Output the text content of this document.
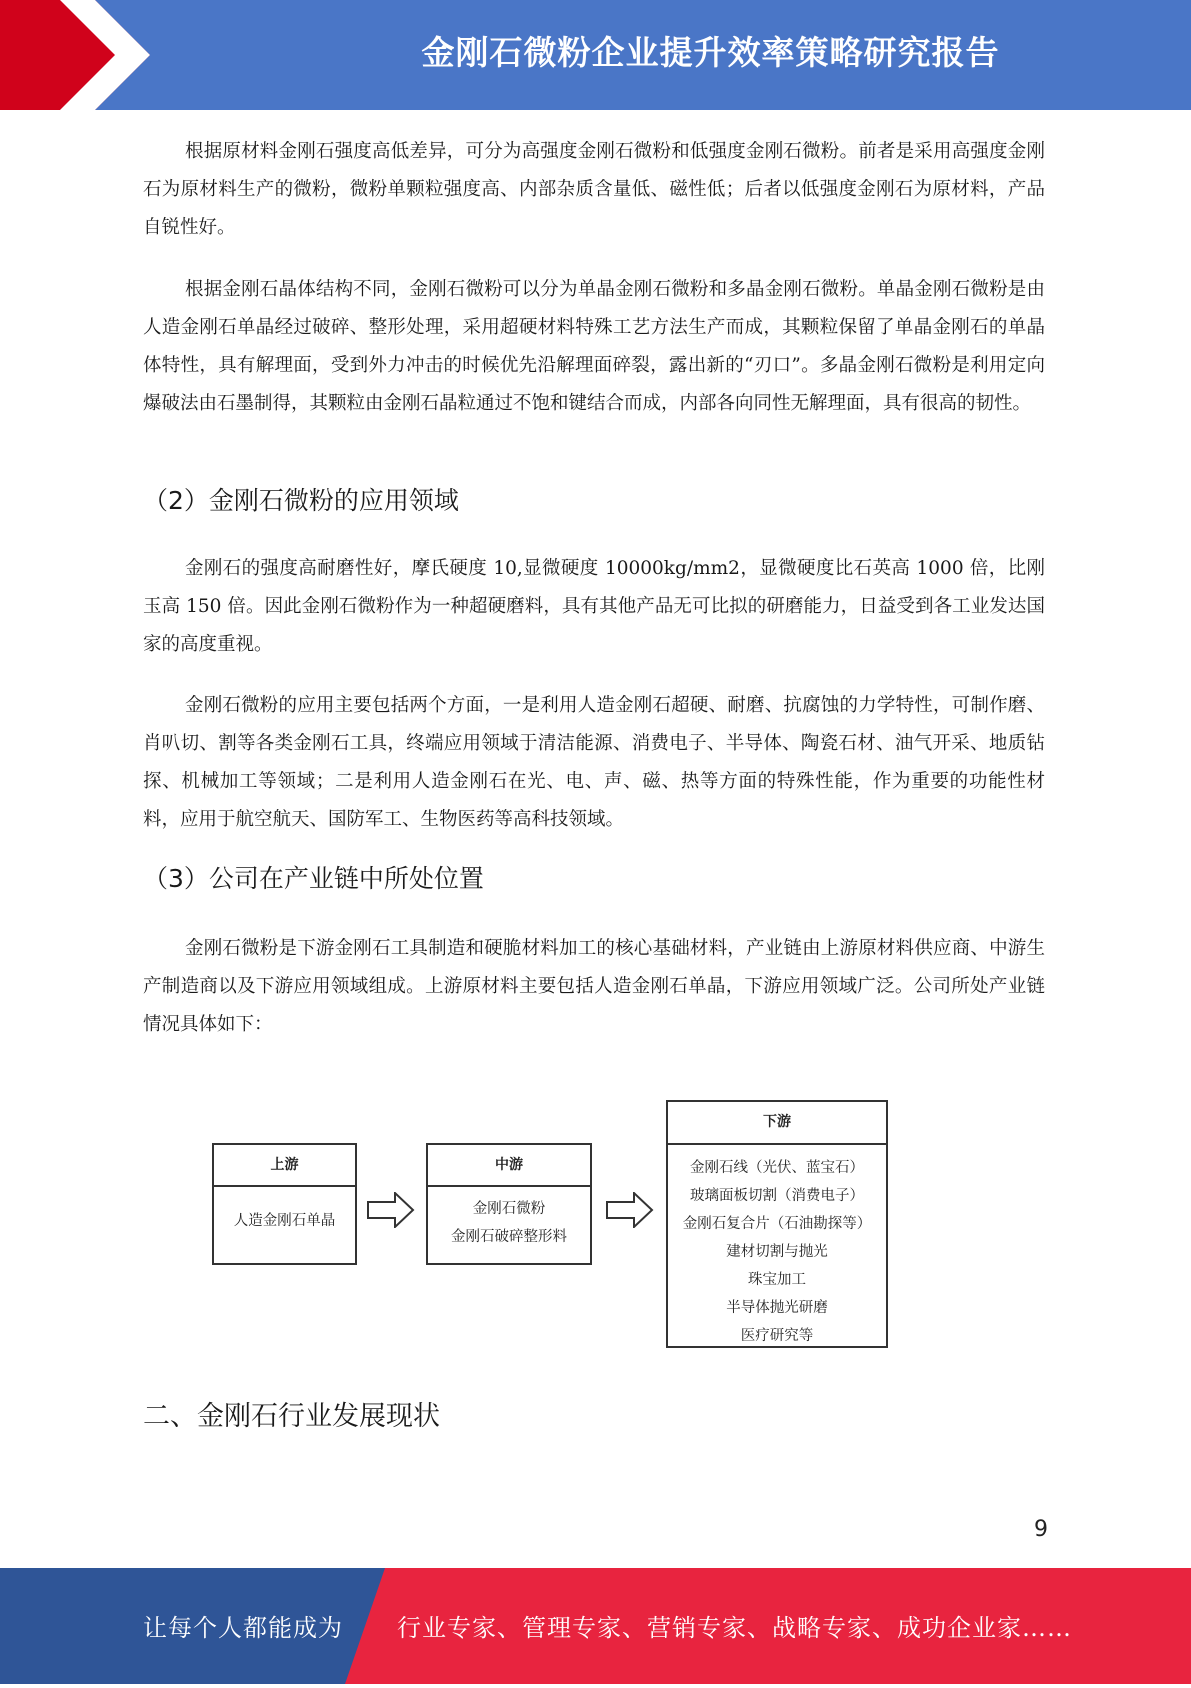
金刚石微粉企业提升效率策略研究报告

根据原材料金刚石强度高低差异，可分为高强度金刚石微粉和低强度金刚石微粉。前者是采用高强度金刚石为原材料生产的微粉，微粉单颗粒强度高、内部杂质含量低、磁性低；后者以低强度金刚石为原材料，产品自锐性好。

根据金刚石晶体结构不同，金刚石微粉可以分为单晶金刚石微粉和多晶金刚石微粉。单晶金刚石微粉是由人造金刚石单晶经过破碎、整形处理，采用超硬材料特殊工艺方法生产而成，其颗粒保留了单晶金刚石的单晶体特性，具有解理面，受到外力冲击的时候优先沿解理面碎裂，露出新的“刃口”。多晶金刚石微粉是利用定向爆破法由石墨制得，其颗粒由金刚石晶粒通过不饱和键结合而成，内部各向同性无解理面，具有很高的韧性。

（2）金刚石微粉的应用领域

金刚石的强度高耐磨性好，摩氏硬度 10,显微硬度 10000kg/mm2，显微硬度比石英高 1000 倍，比刚玉高 150 倍。因此金刚石微粉作为一种超硬磨料，具有其他产品无可比拟的研磨能力，日益受到各工业发达国家的高度重视。

金刚石微粉的应用主要包括两个方面，一是利用人造金刚石超硬、耐磨、抗腐蚀的力学特性，可制作磨、肖叭切、割等各类金刚石工具，终端应用领域于清洁能源、消费电子、半导体、陶瓷石材、油气开采、地质钻探、机械加工等领域；二是利用人造金刚石在光、电、声、磁、热等方面的特殊性能，作为重要的功能性材料，应用于航空航天、国防军工、生物医药等高科技领域。

（3）公司在产业链中所处位置

金刚石微粉是下游金刚石工具制造和硬脆材料加工的核心基础材料，产业链由上游原材料供应商、中游生产制造商以及下游应用领域组成。上游原材料主要包括人造金刚石单晶，下游应用领域广泛。公司所处产业链情况具体如下：

上游
人造金刚石单晶
中游
金刚石微粉
金刚石破碎整形料
下游
金刚石线（光伏、蓝宝石）
玻璃面板切割（消费电子）
金刚石复合片（石油勘探等）
建材切割与抛光
珠宝加工
半导体抛光研磨
医疗研究等
二、金刚石行业发展现状
9
让每个人都能成为 行业专家、管理专家、营销专家、战略专家、成功企业家……
